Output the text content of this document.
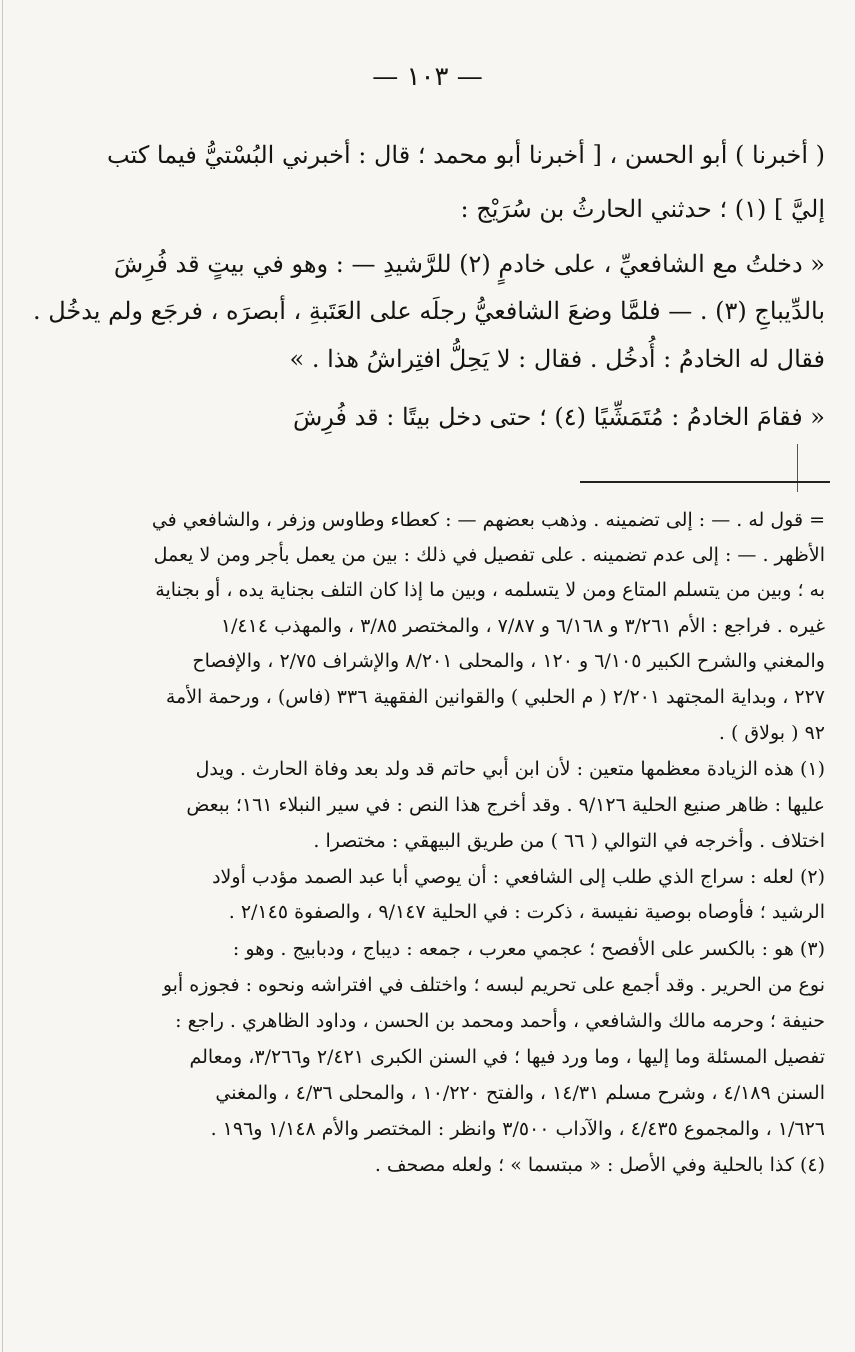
— ١٠٣ —
( أخبرنا ) أبو الحسن ، [ أخبرنا أبو محمد ؛ قال : أخبرني البُسْتيُّ فيما كتب
إليَّ ] (١) ؛ حدثني الحارثُ بن سُرَيْج :
« دخلتُ مع الشافعيِّ ، على خادمٍ (٢) للرَّشيدِ — : وهو في بيتٍ قد فُرِشَ
بالدِّيباجِ (٣) . — فلمَّا وضعَ الشافعيُّ رجلَه على العَتَبةِ ، أبصرَه ، فرجَع ولم يدخُل .
فقال له الخادمُ : أُدخُل . فقال : لا يَحِلُّ افتِراشُ هذا . »
« فقامَ الخادمُ : مُتَمَشِّيًا (٤) ؛ حتى دخل بيتًا : قد فُرِشَ
= قول له . — : إلى تضمينه . وذهب بعضهم — : كعطاء وطاوس وزفر ، والشافعي في
الأظهر . — : إلى عدم تضمينه . على تفصيل في ذلك : بين من يعمل بأجر ومن لا يعمل
به ؛ وبين من يتسلم المتاع ومن لا يتسلمه ، وبين ما إذا كان التلف بجناية يده ، أو بجناية
غيره . فراجع : الأم ٣/٢٦١ و ٦/١٦٨ و ٧/٨٧ ، والمختصر ٣/٨٥ ، والمهذب ١/٤١٤
والمغني والشرح الكبير ٦/١٠٥ و ١٢٠ ، والمحلى ٨/٢٠١ والإشراف ٢/٧٥ ، والإفصاح
٢٢٧ ، وبداية المجتهد ٢/٢٠١ ( م الحلبي ) والقوانين الفقهية ٣٣٦ (فاس) ، ورحمة الأمة
٩٢ ( بولاق ) .
(١) هذه الزيادة معظمها متعين : لأن ابن أبي حاتم قد ولد بعد وفاة الحارث . ويدل
عليها : ظاهر صنيع الحلية ٩/١٢٦ . وقد أخرج هذا النص : في سير النبلاء ١٦١؛ ببعض
اختلاف . وأخرجه في التوالي ( ٦٦ ) من طريق البيهقي : مختصرا .
(٢) لعله : سراج الذي طلب إلى الشافعي : أن يوصي أبا عبد الصمد مؤدب أولاد
الرشيد ؛ فأوصاه بوصية نفيسة ، ذكرت : في الحلية ٩/١٤٧ ، والصفوة ٢/١٤٥ .
(٣) هو : بالكسر على الأفصح ؛ عجمي معرب ، جمعه : ديباج ، ودبابيج . وهو :
نوع من الحرير . وقد أجمع على تحريم لبسه ؛ واختلف في افتراشه ونحوه : فجوزه أبو
حنيفة ؛ وحرمه مالك والشافعي ، وأحمد ومحمد بن الحسن ، وداود الظاهري . راجع :
تفصيل المسئلة وما إليها ، وما ورد فيها ؛ في السنن الكبرى ٢/٤٢١ و٣/٢٦٦، ومعالم
السنن ٤/١٨٩ ، وشرح مسلم ١٤/٣١ ، والفتح ١٠/٢٢٠ ، والمحلى ٤/٣٦ ، والمغني
١/٦٢٦ ، والمجموع ٤/٤٣٥ ، والآداب ٣/٥٠٠ وانظر : المختصر والأم ١/١٤٨ و١٩٦ .
(٤) كذا بالحلية وفي الأصل : « مبتسما » ؛ ولعله مصحف .
